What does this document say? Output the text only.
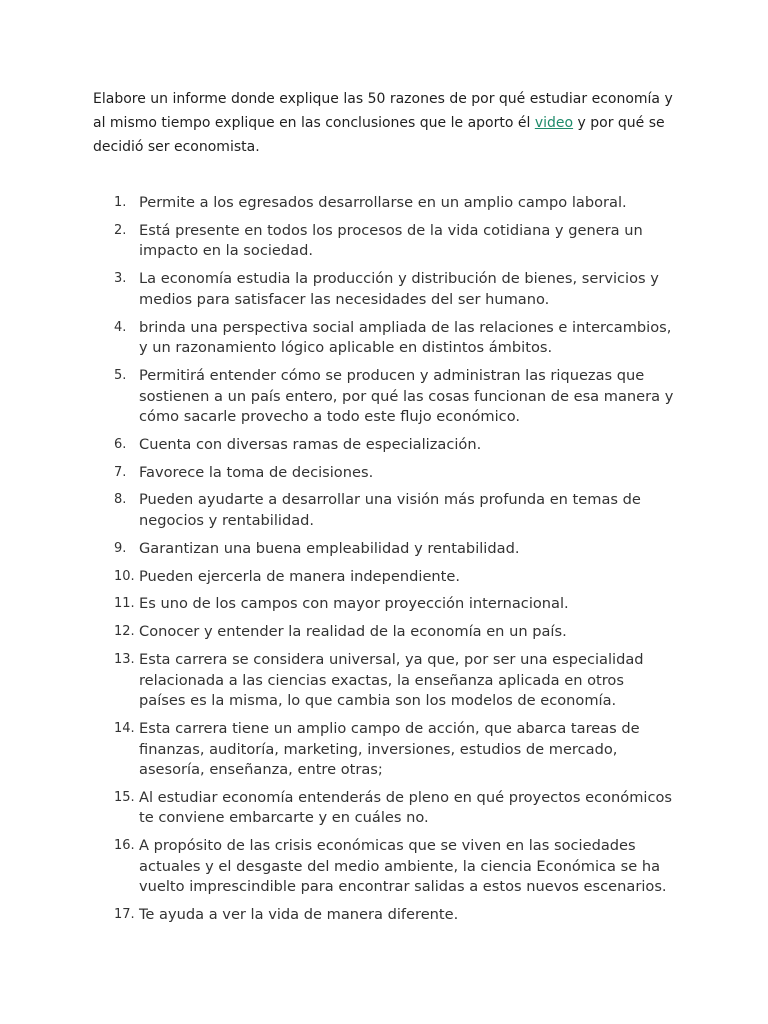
Elabore un informe donde explique las 50 razones de por qué estudiar economía y al mismo tiempo explique en las conclusiones que le aporto él video y por qué se decidió ser economista.

1. Permite a los egresados desarrollarse en un amplio campo laboral.
2. Está presente en todos los procesos de la vida cotidiana y genera un impacto en la sociedad.
3. La economía estudia la producción y distribución de bienes, servicios y medios para satisfacer las necesidades del ser humano.
4. brinda una perspectiva social ampliada de las relaciones e intercambios, y un razonamiento lógico aplicable en distintos ámbitos.
5. Permitirá entender cómo se producen y administran las riquezas que sostienen a un país entero, por qué las cosas funcionan de esa manera y cómo sacarle provecho a todo este flujo económico.
6. Cuenta con diversas ramas de especialización.
7. Favorece la toma de decisiones.
8. Pueden ayudarte a desarrollar una visión más profunda en temas de negocios y rentabilidad.
9. Garantizan una buena empleabilidad y rentabilidad.
10. Pueden ejercerla de manera independiente.
11. Es uno de los campos con mayor proyección internacional.
12. Conocer y entender la realidad de la economía en un país.
13. Esta carrera se considera universal, ya que, por ser una especialidad relacionada a las ciencias exactas, la enseñanza aplicada en otros países es la misma, lo que cambia son los modelos de economía.
14. Esta carrera tiene un amplio campo de acción, que abarca tareas de finanzas, auditoría, marketing, inversiones, estudios de mercado, asesoría, enseñanza, entre otras;
15. Al estudiar economía entenderás de pleno en qué proyectos económicos te conviene embarcarte y en cuáles no.
16. A propósito de las crisis económicas que se viven en las sociedades actuales y el desgaste del medio ambiente, la ciencia Económica se ha vuelto imprescindible para encontrar salidas a estos nuevos escenarios.
17. Te ayuda a ver la vida de manera diferente.
